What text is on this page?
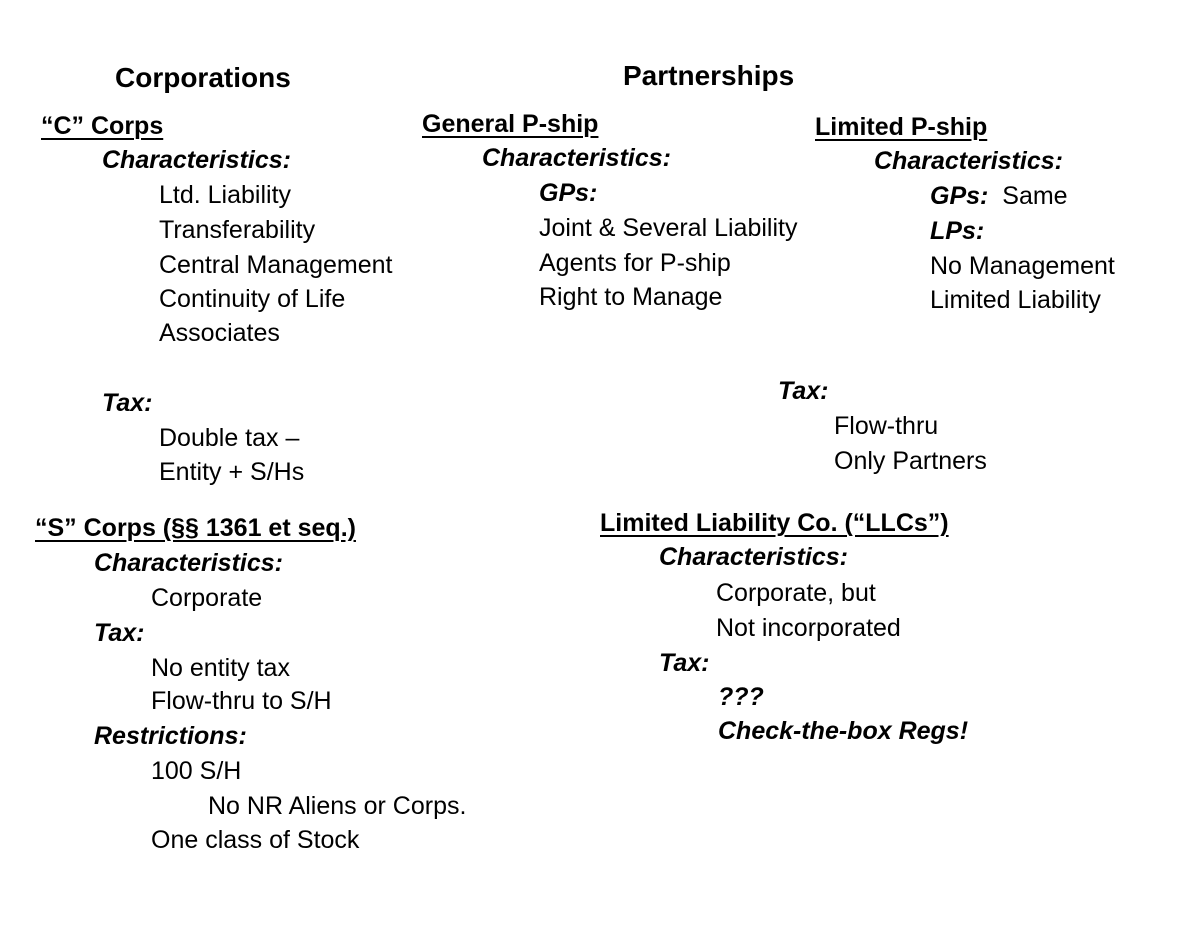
Corporations	Partnerships
“C” Corps
Characteristics:
Ltd. Liability
Transferability
Central Management
Continuity of Life
Associates
Tax:
Double tax –
Entity + S/Hs
General P-ship
Characteristics:
GPs:
Joint & Several Liability
Agents for P-ship
Right to Manage
Limited P-ship
Characteristics:
GPs: Same
LPs:
No Management
Limited Liability
Tax:
Flow-thru
Only Partners
“S” Corps (§§ 1361 et seq.)
Characteristics:
Corporate
Tax:
No entity tax
Flow-thru to S/H
Restrictions:
100 S/H
No NR Aliens or Corps.
One class of Stock
Limited Liability Co. (“LLCs”)
Characteristics:
Corporate, but
Not incorporated
Tax:
???
Check-the-box Regs!
